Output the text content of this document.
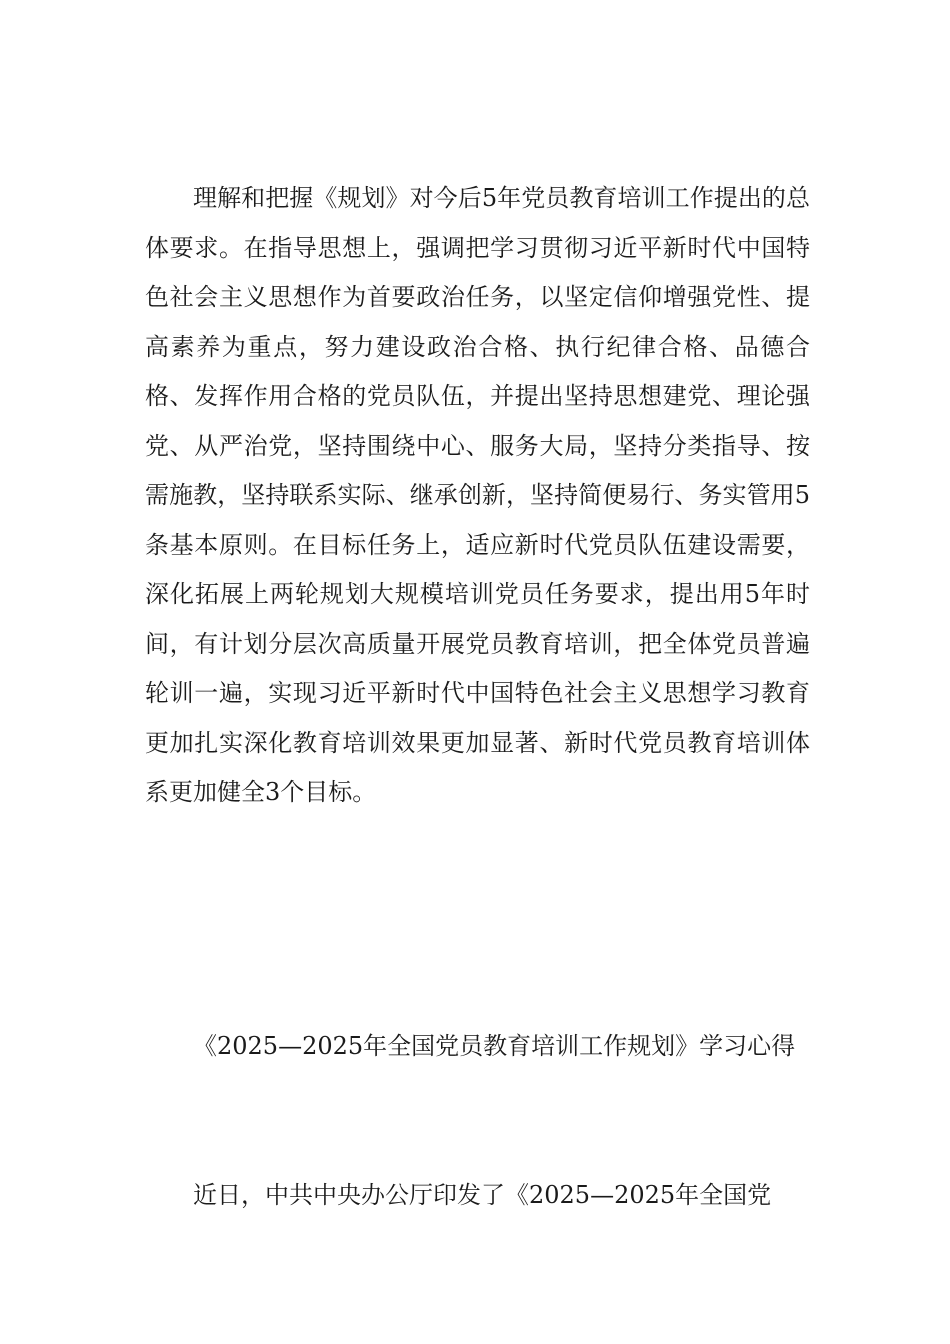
理解和把握《规划》对今后5年党员教育培训工作提出的总体要求。在指导思想上，强调把学习贯彻习近平新时代中国特色社会主义思想作为首要政治任务，以坚定信仰增强党性、提高素养为重点，努力建设政治合格、执行纪律合格、品德合格、发挥作用合格的党员队伍，并提出坚持思想建党、理论强党、从严治党，坚持围绕中心、服务大局，坚持分类指导、按需施教，坚持联系实际、继承创新，坚持简便易行、务实管用5条基本原则。在目标任务上，适应新时代党员队伍建设需要，深化拓展上两轮规划大规模培训党员任务要求，提出用5年时间，有计划分层次高质量开展党员教育培训，把全体党员普遍轮训一遍，实现习近平新时代中国特色社会主义思想学习教育更加扎实深化教育培训效果更加显著、新时代党员教育培训体系更加健全3个目标。

《2025—2025年全国党员教育培训工作规划》学习心得

近日，中共中央办公厅印发了《2025—2025年全国党
